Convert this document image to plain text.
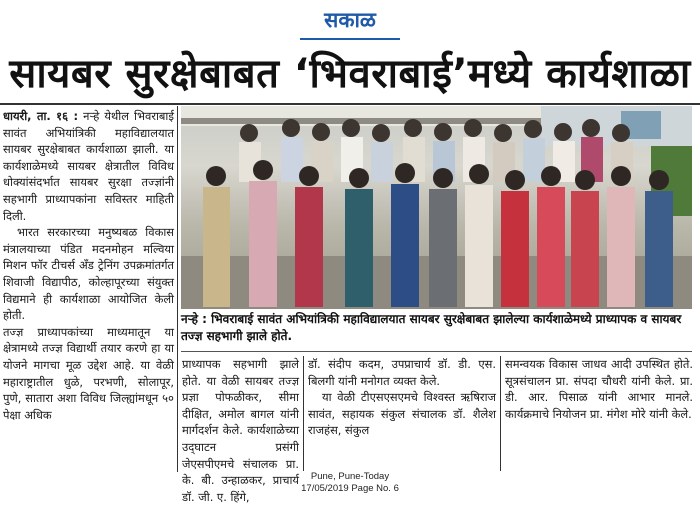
सकाळ
सायबर सुरक्षेबाबत ‘भिवराबाई’मध्ये कार्यशाळा

धायरी, ता. १६ : नऱ्हे येथील भिवराबाई सावंत अभियांत्रिकी महाविद्यालयात सायबर सुरक्षेबाबत कार्यशाळा झाली. या कार्यशाळेमध्ये सायबर क्षेत्रातील विविध धोक्यांसंदर्भात सायबर सुरक्षा तज्ज्ञांनी सहभागी प्राध्यापकांना सविस्तर माहिती दिली.

भारत सरकारच्या मनुष्यबळ विकास मंत्रालयाच्या पंडित मदनमोहन मल्विया मिशन फॉर टीचर्स अँड ट्रेनिंग उपक्रमांतर्गत शिवाजी विद्यापीठ, कोल्हापूरच्या संयुक्त विद्यमाने ही कार्यशाळा आयोजित केली होती.

तज्ज्ञ प्राध्यापकांच्या माध्यमातून या क्षेत्रामध्ये तज्ज्ञ विद्यार्थी तयार करणे हा या योजने मागचा मूळ उद्देश आहे. या वेळी महाराष्ट्रातील धुळे, परभणी, सोलापूर, पुणे, सातारा अशा विविध जिल्ह्यांमधून ५० पेक्षा अधिक

नऱ्हे : भिवराबाई सावंत अभियांत्रिकी महाविद्यालयात सायबर सुरक्षेबाबत झालेल्या कार्यशाळेमध्ये प्राध्यापक व सायबर तज्ज्ञ सहभागी झाले होते.

प्राध्यापक सहभागी झाले होते. या वेळी सायबर तज्ज्ञ प्रज्ञा पोफळीकर, सीमा दीक्षित, अमोल बागल यांनी मार्गदर्शन केले. कार्यशाळेच्या उद्‍घाटन प्रसंगी जेएसपीएमचे संचालक प्रा. के. बी. उन्हाळकर, प्राचार्य डॉ. जी. ए. हिंगे,

डॉ. संदीप कदम, उपप्राचार्य डॉ. डी. एस. बिलगी यांनी मनोगत व्यक्त केले.

या वेळी टीएसएसएमचे विश्वस्त ऋषिराज सावंत, सहायक संकुल संचालक डॉ. शैलेश राजहंस, संकुल

समन्वयक विकास जाधव आदी उपस्थित होते. सूत्रसंचालन प्रा. संपदा चौधरी यांनी केले. प्रा. डी. आर. पिसाळ यांनी आभार मानले. कार्यक्रमाचे नियोजन प्रा. मंगेश मोरे यांनी केले.

Pune, Pune-Today
17/05/2019 Page No. 6
